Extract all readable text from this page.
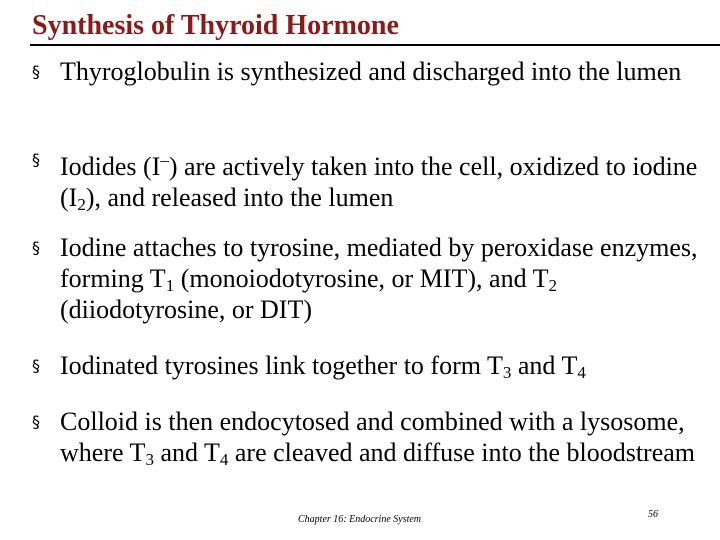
Synthesis of Thyroid Hormone
§ Thyroglobulin is synthesized and discharged into the lumen
§ Iodides (I–) are actively taken into the cell, oxidized to iodine $(I_2)$, and released into the lumen
§ Iodine attaches to tyrosine, mediated by peroxidase enzymes, forming $T_1$ (monoiodotyrosine, or MIT), and $T_2$ (diiodotyrosine, or DIT)
§ Iodinated tyrosines link together to form $T_3$ and $T_4$
§ Colloid is then endocytosed and combined with a lysosome, where $T_3$ and $T_4$ are cleaved and diffuse into the bloodstream
Chapter 16: Endocrine System	56
